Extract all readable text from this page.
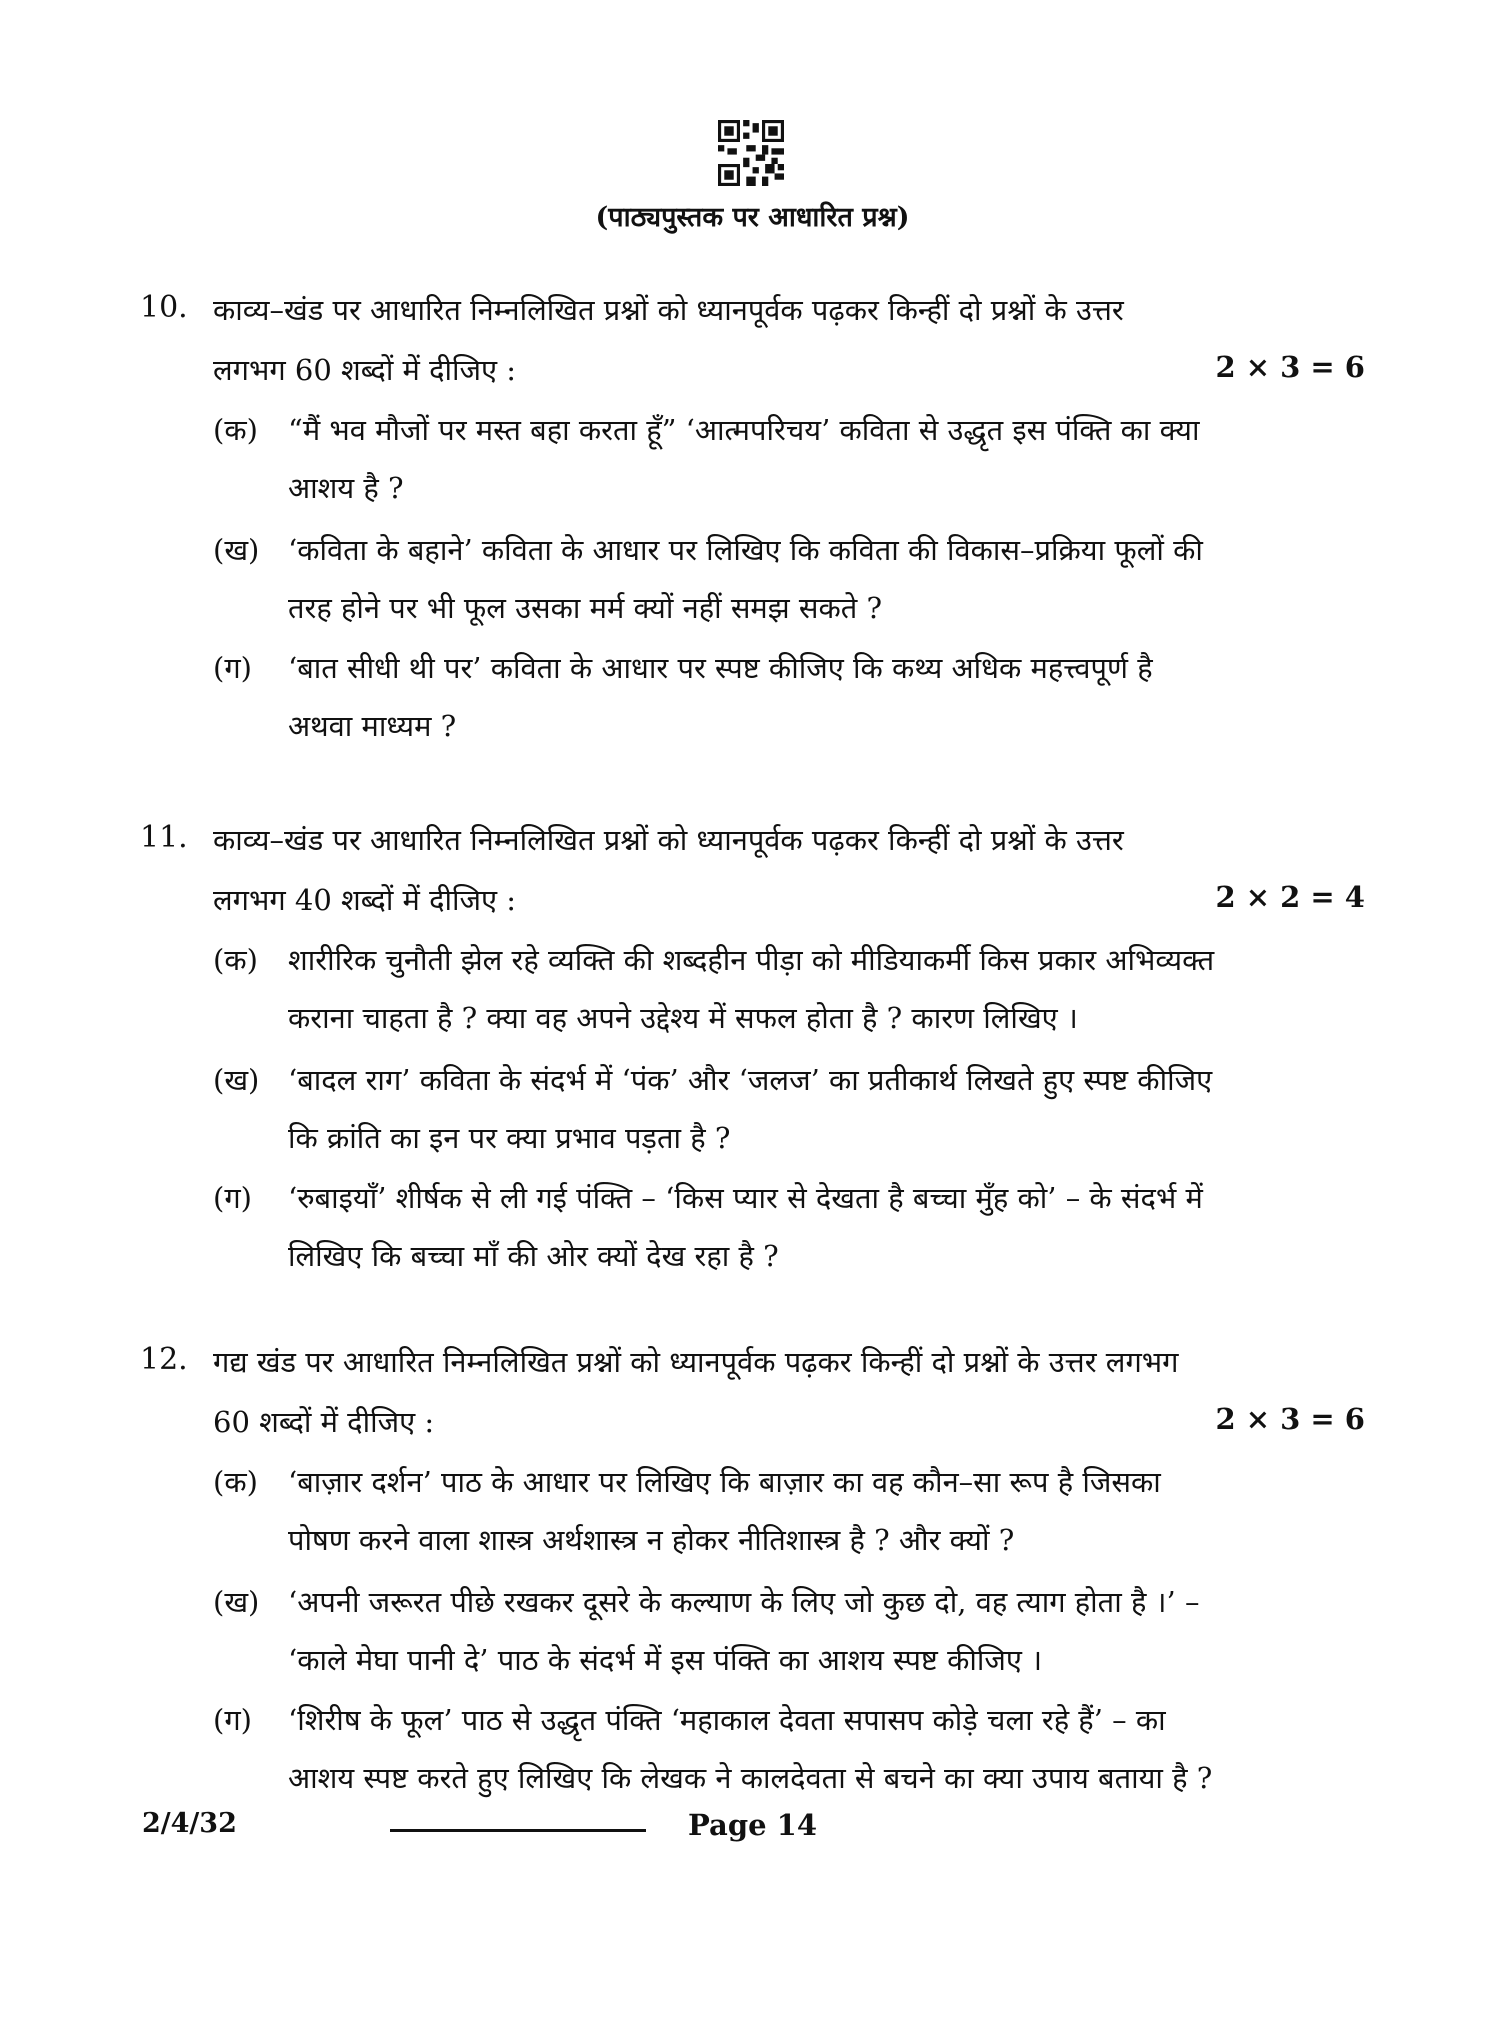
(पाठ्यपुस्तक पर आधारित प्रश्न)
10. काव्य–खंड पर आधारित निम्नलिखित प्रश्नों को ध्यानपूर्वक पढ़कर किन्हीं दो प्रश्नों के उत्तर
लगभग 60 शब्दों में दीजिए :	2 × 3 = 6
(क) “मैं भव मौजों पर मस्त बहा करता हूँ” ‘आत्मपरिचय’ कविता से उद्धृत इस पंक्ति का क्या
आशय है ?
(ख) ‘कविता के बहाने’ कविता के आधार पर लिखिए कि कविता की विकास–प्रक्रिया फूलों की
तरह होने पर भी फूल उसका मर्म क्यों नहीं समझ सकते ?
(ग) ‘बात सीधी थी पर’ कविता के आधार पर स्पष्ट कीजिए कि कथ्य अधिक महत्त्वपूर्ण है
अथवा माध्यम ?
11. काव्य–खंड पर आधारित निम्नलिखित प्रश्नों को ध्यानपूर्वक पढ़कर किन्हीं दो प्रश्नों के उत्तर
लगभग 40 शब्दों में दीजिए :	2 × 2 = 4
(क) शारीरिक चुनौती झेल रहे व्यक्ति की शब्दहीन पीड़ा को मीडियाकर्मी किस प्रकार अभिव्यक्त
कराना चाहता है ? क्या वह अपने उद्देश्य में सफल होता है ? कारण लिखिए ।
(ख) ‘बादल राग’ कविता के संदर्भ में ‘पंक’ और ‘जलज’ का प्रतीकार्थ लिखते हुए स्पष्ट कीजिए
कि क्रांति का इन पर क्या प्रभाव पड़ता है ?
(ग) ‘रुबाइयाँ’ शीर्षक से ली गई पंक्ति – ‘किस प्यार से देखता है बच्चा मुँह को’ – के संदर्भ में
लिखिए कि बच्चा माँ की ओर क्यों देख रहा है ?
12. गद्य खंड पर आधारित निम्नलिखित प्रश्नों को ध्यानपूर्वक पढ़कर किन्हीं दो प्रश्नों के उत्तर लगभग
60 शब्दों में दीजिए :	2 × 3 = 6
(क) ‘बाज़ार दर्शन’ पाठ के आधार पर लिखिए कि बाज़ार का वह कौन–सा रूप है जिसका
पोषण करने वाला शास्त्र अर्थशास्त्र न होकर नीतिशास्त्र है ? और क्यों ?
(ख) ‘अपनी जरूरत पीछे रखकर दूसरे के कल्याण के लिए जो कुछ दो, वह त्याग होता है ।’ –
‘काले मेघा पानी दे’ पाठ के संदर्भ में इस पंक्ति का आशय स्पष्ट कीजिए ।
(ग) ‘शिरीष के फूल’ पाठ से उद्धृत पंक्ति ‘महाकाल देवता सपासप कोड़े चला रहे हैं’ – का
आशय स्पष्ट करते हुए लिखिए कि लेखक ने कालदेवता से बचने का क्या उपाय बताया है ?
2/4/32	Page 14
